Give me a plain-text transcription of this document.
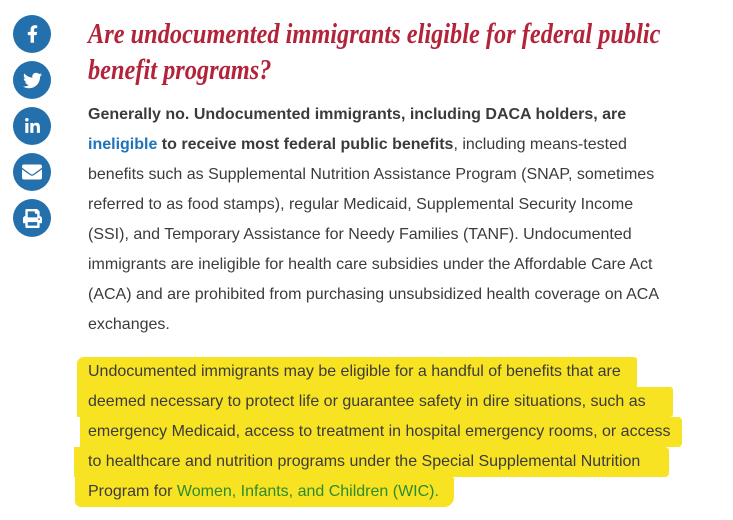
Are undocumented immigrants eligible for federal public
benefit programs?

Generally no. Undocumented immigrants, including DACA holders, are
ineligible to receive most federal public benefits, including means-tested
benefits such as Supplemental Nutrition Assistance Program (SNAP, sometimes
referred to as food stamps), regular Medicaid, Supplemental Security Income
(SSI), and Temporary Assistance for Needy Families (TANF). Undocumented
immigrants are ineligible for health care subsidies under the Affordable Care Act
(ACA) and are prohibited from purchasing unsubsidized health coverage on ACA
exchanges.

Undocumented immigrants may be eligible for a handful of benefits that are
deemed necessary to protect life or guarantee safety in dire situations, such as
emergency Medicaid, access to treatment in hospital emergency rooms, or access
to healthcare and nutrition programs under the Special Supplemental Nutrition
Program for Women, Infants, and Children (WIC).
